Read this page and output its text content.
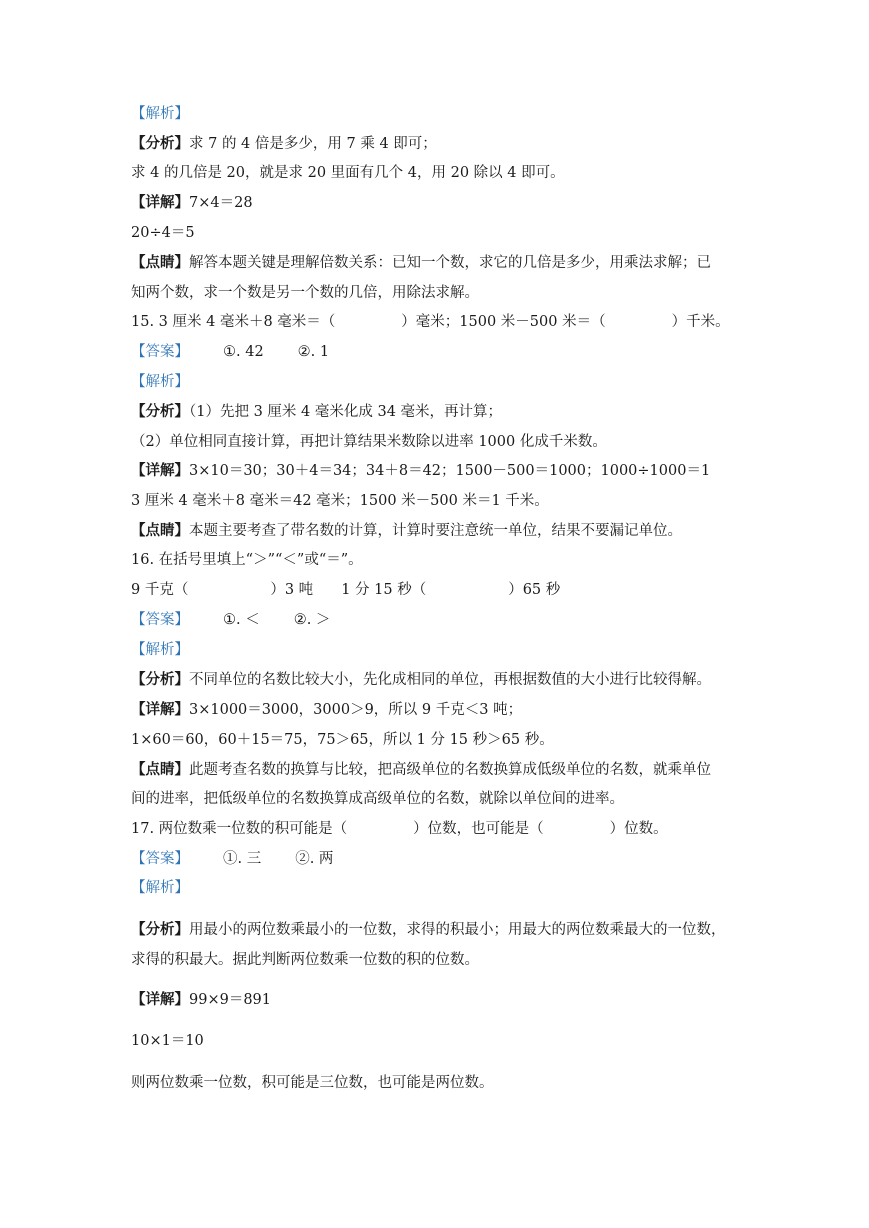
【解析】
【分析】求 7 的 4 倍是多少，用 7 乘 4 即可；
求 4 的几倍是 20，就是求 20 里面有几个 4，用 20 除以 4 即可。
【详解】7×4＝28
20÷4＝5
【点睛】解答本题关键是理解倍数关系：已知一个数，求它的几倍是多少，用乘法求解；已
知两个数，求一个数是另一个数的几倍，用除法求解。
15. 3 厘米 4 毫米＋8 毫米＝（	）毫米；1500 米－500 米＝（	）千米。
【答案】 ①. 42 ②. 1
【解析】
【分析】（1）先把 3 厘米 4 毫米化成 34 毫米，再计算；
（2）单位相同直接计算，再把计算结果米数除以进率 1000 化成千米数。
【详解】3×10＝30；30＋4＝34；34＋8＝42；1500－500＝1000；1000÷1000＝1
3 厘米 4 毫米＋8 毫米＝42 毫米；1500 米－500 米＝1 千米。
【点睛】本题主要考查了带名数的计算，计算时要注意统一单位，结果不要漏记单位。
16. 在括号里填上“＞”“＜”或“＝”。
9 千克（	）3 吨 1 分 15 秒（	）65 秒
【答案】 ①. ＜ ②. ＞
【解析】
【分析】不同单位的名数比较大小，先化成相同的单位，再根据数值的大小进行比较得解。
【详解】3×1000＝3000，3000＞9，所以 9 千克＜3 吨；
1×60＝60，60＋15＝75，75＞65，所以 1 分 15 秒＞65 秒。
【点睛】此题考查名数的换算与比较，把高级单位的名数换算成低级单位的名数，就乘单位
间的进率，把低级单位的名数换算成高级单位的名数，就除以单位间的进率。
17. 两位数乘一位数的积可能是（	）位数，也可能是（	）位数。
【答案】 ①. 三 ②. 两
【解析】
【分析】用最小的两位数乘最小的一位数，求得的积最小；用最大的两位数乘最大的一位数，
求得的积最大。据此判断两位数乘一位数的积的位数。
【详解】99×9＝891
10×1＝10
则两位数乘一位数，积可能是三位数，也可能是两位数。
